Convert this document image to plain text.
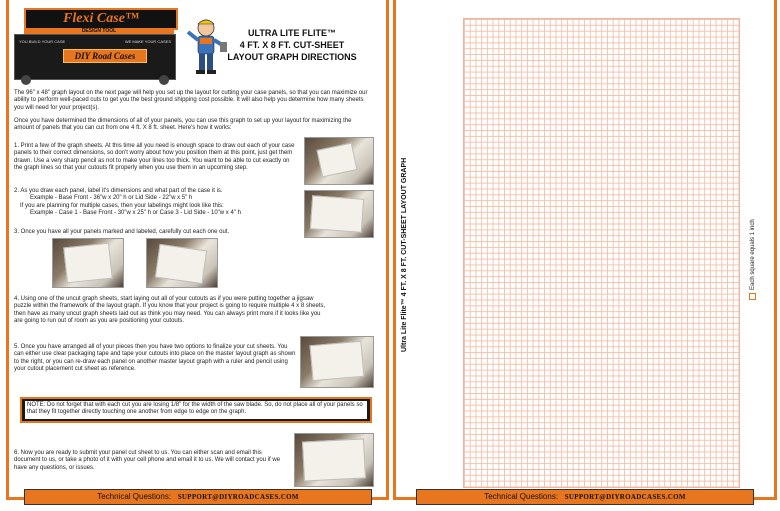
Flexi Case™
DESIGN TOOL
YOU BUILD YOUR CASE	WE MAKE YOUR CASES
DIY Road Cases
ULTRA LITE FLITE™
4 FT. X 8 FT. CUT-SHEET
LAYOUT GRAPH DIRECTIONS
The 96" x 48" graph layout on the next page will help you set up the layout for cutting your case panels, so that you can maximize our ability to perform well-paced cuts to get you the best ground shipping cost possible. It will also help you determine how many sheets you will need for your project(s).
Once you have determined the dimensions of all of your panels, you can use this graph to set up your layout for maximizing the amount of panels that you can cut from one 4 ft. X 8 ft. sheet. Here's how it works:
1. Print a few of the graph sheets. At this time all you need is enough space to draw out each of your case panels to their correct dimensions, so don't worry about how you position them at this point, just get them drawn. Use a very sharp pencil as not to make your lines too thick. You want to be able to cut exactly on the graph lines so that your cutouts fit properly when you use them in an upcoming step.
2. As you draw each panel, label it's dimensions and what part of the case it is.
Example - Base Front - 36"w x 20" h or Lid Side - 22"w x 5" h
If you are planning for multiple cases, then your labelings might look like this:
Example - Case 1 - Base Front - 30"w x 25" h or Case 3 - Lid Side - 10"w x 4" h
3. Once you have all your panels marked and labeled, carefully cut each one out.
4. Using one of the uncut graph sheets, start laying out all of your cutouts as if you were putting together a jigsaw puzzle within the framework of the layout graph. If you know that your project is going to require multiple 4 x 8 sheets, then have as many uncut graph sheets laid out as think you may need. You can always print more if it looks like you are going to run out of room as you are positioning your cutouts.
5. Once you have arranged all of your pieces then you have two options to finalize your cut sheets. You can either use clear packaging tape and tape your cutouts into place on the master layout graph as shown to the right, or you can re-draw each panel on another master layout graph with a ruler and pencil using your cutout placement cut sheet as reference.
NOTE: Do not forget that with each cut you are losing 1/8" for the width of the saw blade. So, do not place all of your panels so that they fit together directly touching one another from edge to edge on the graph.
6. Now you are ready to submit your panel cut sheet to us. You can either scan and email this document to us, or take a photo of it with your cell phone and email it to us. We will contact you if we have any questions, or issues.
Technical Questions: SUPPORT@DIYROADCASES.COM
Ultra Lite Flite™ 4 FT. X 8 FT. CUT-SHEET LAYOUT GRAPH	Each square equals 1 inch
Technical Questions: SUPPORT@DIYROADCASES.COM
